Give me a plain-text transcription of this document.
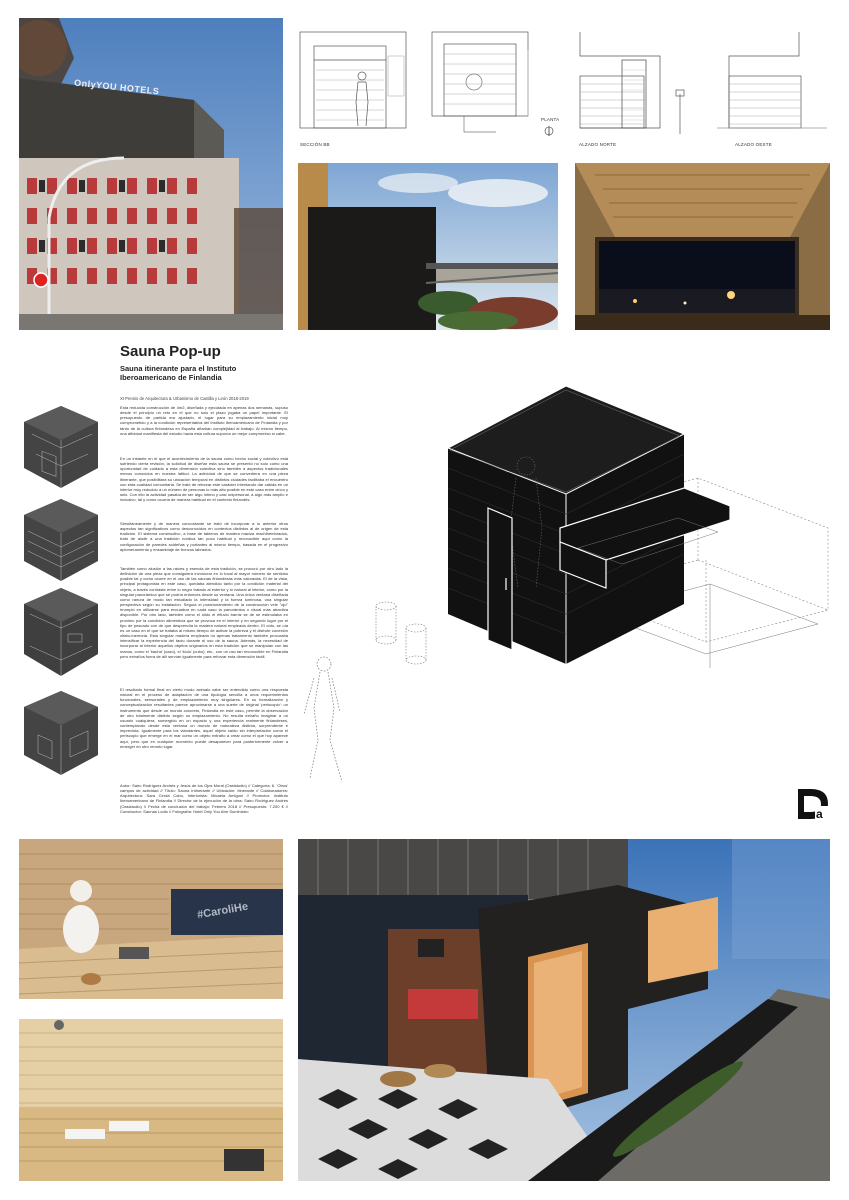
OnlyYOU HOTELS
SECCIÓN BB
PLANTA
ALZADO NORTE	ALZADO OESTE
Sauna Pop-up
Sauna itinerante para el Instituto Iberoamericano de Finlandia
XI Premio de Arquitectura & Urbanismo de Castilla y León 2018-2019

Esta reducida construcción de 4m2, diseñada y ejecutada en apenas dos semanas, supuso desde el principio un reto en el que no solo el plazo jugaba un papel importante. El presupuesto de partida era ajustado, el lugar para su emplazamiento inicial muy comprometido y a la condición representativa del Instituto Iberoamericano de Finlandia y por tanto de la cultura finlandesa en España añadían complejidad al trabajo. Al mismo tiempo, una afinidad manifiesta del estudio hacia esta cultura suponía un mejor compromiso si cabe.

En un instante en el que el acontecimiento de la sauna como hecho social y colectivo está sufriendo cierta revisión, la solicitud de diseñar esta sauna se presentó no solo como una oportunidad de cuidado a esta dimensión colectiva sino también a aspectos tradicionales menos conocidos en nuestra latitud. La actividad de que se convertiera en una pieza itinerante, que posibilitara su ubicación temporal en distintos ciudades facilitaba el encuentro con esta cualidad comunitaria. Se trató de reforzar este carácter intentando dar cabida en un interior muy reducido a un número de personas lo más alto posible en este caso entre cinco y seis. Con ello la actividad pasaba de ser algo íntimo y casi unipersonal, a algo más amplio e inclusivo, tal y como ocurría de manera habitual en el contexto finlandés.

Simultáneamente y de manera concordante se trató de incorporar a lo anterior otros aspectos tan significativos como desconocidos en contextos distintos al de origen de esta tradición. El sistema constructivo, a base de tableros de madera maciza machihembrados, trató de aludir a una tradición nórdica tan poco habitual y reconocible aquí como la configuración de paredes soldeñas y portantes al mismo tiempo, basada en el progresivo aplomeramiento y ensamblaje de troncos labrados.

También como alusión a las raíces y esencia de esta tradición, se procuró por otro lado la definición de una pieza que consiguiera involucrar en lo tocal al mayor número de sentidos posible tal y como ocurre en el uso de las saunas finlandesas más valoradas. El de la vista, principal protagonista en este caso, quedaba atendido tanto por la condición material del objeto, a través contraste entre lo negro tratado al exterior y lo natural al interior, como por la singular panorámica que se podría entonces desde su ventana. Una única ventana diseñada como ranura de modo tan estudiado la intensidad y la fuerza luminosa, una singular perspectiva según su instalación. Seguía el posicionamiento de la construcción vele "ojo" irrumpió en utilizarse para encuadrar en cada caso la panorámica o visual más atractiva disponible. Por otro lado, también como el olido el efluvio barniz se de se estimulaba en proximo por la condición alimenticia que se provoca en el interior y en segundo lugar por el tipo de pescado con de que desprendía la madera natural empleada dentro. El oído, se oía es un caso en el que se trataba al mismo tiempo de activar la pobreza y el disfrute conexión olfato-memoria. Esta singular madera empleada no apenas tratamiento también procuraba intensificar la experiencia del tacto durante el uso de la sauna. Además, la necesidad de incorporar al interior aquellos objetos originarios en esta tradición que se manipulan con las manos, como el 'kauha' (cazo), el 'kiulu' (cubo), etc., con un uso tan reconocible en Finlandia pero extraños fuera de allí servían igualmente para reforzar esta dimensión táctil.

El resultado formal final en cierto modo acimalo cabe ser entendido como una respuesta natural en el proceso de adaptación de una tipología sencilla a unos requerimientos funcionales, sensoriales y de emplazamiento muy singulares. En su formalización y conceptualización resultantes parece aproximarse a una suerte de original 'periscopio': un instrumento que desde un mundo concreto, Finlandia en este caso, permite la observación de otro totalmente distinto según su emplazamiento. No resulta extraño imaginar a un usuario cualquiera, sumergido en un espacio y una experiencia realmente finlandeses, contemplando desde esta ventana un mundo de naturaleza distinta, sorprendente e imprevista. Igualmente para los viandantes, aquel objeto caído sin interpretación como el periscopio que emerge en el mar como un objeto extraño a crear como el que hoy aparece aquí, pero que en cualquier momento puede desaparecer para posteriormente volver a emerger en otro remoto lugar.

Autor: Sairo Rodríguez Andrés y Jesús de los Ojos Moral (Oasistudio) // Categoría: 6. 'Otros' campos de actividad // Título: Sauna Intinerante // Ubicación: Itinerante // Colaboradores: Arquitectura: Sara Cerdá Cobo, Interiorista: Micaela Amigoni // Promotor: Instituto Iberoamericano de Finlandia // Director de la ejecución de la obra: Sairo Rodríguez Andrés (Oasistudio) // Fecha de conclusión del trabajo: Febrero 2018 // Presupuesto: 7.200 € // Constructor: Saunas Lodio // Fotografía: Hotel Only You Atre Suministro	a
#CaroliHe
